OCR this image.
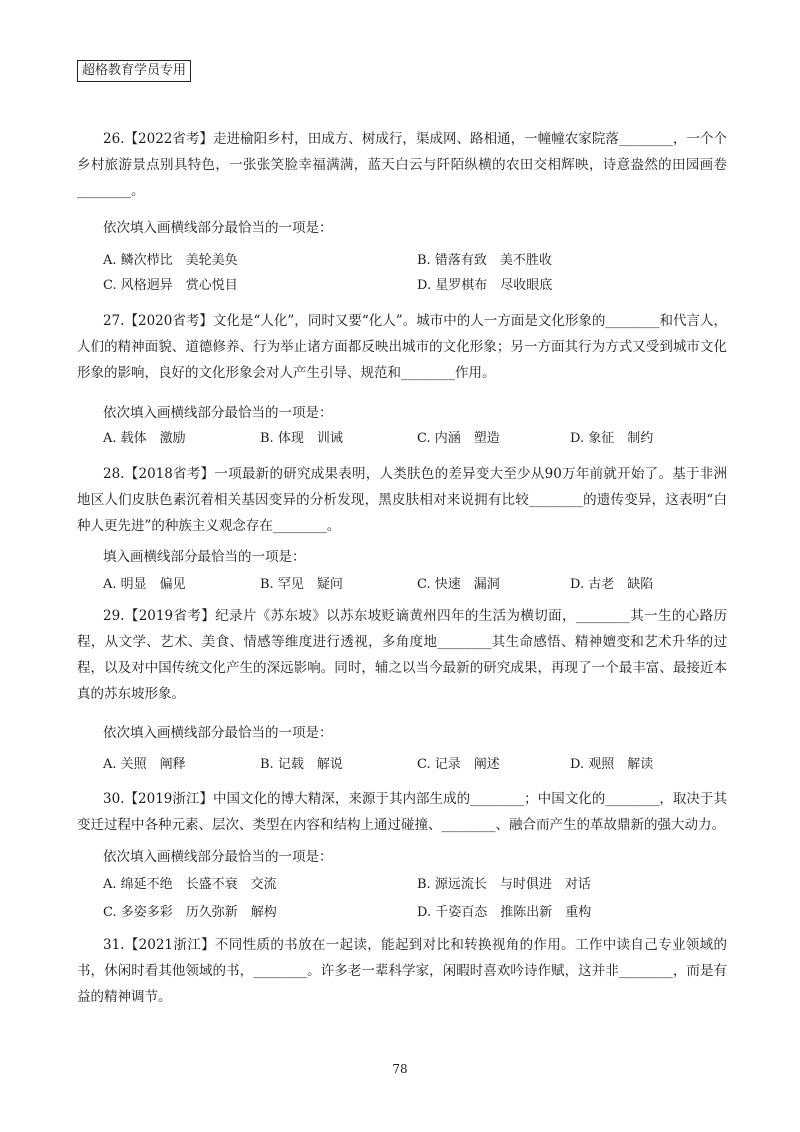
超格教育学员专用
26.【2022省考】走进榆阳乡村，田成方、树成行，渠成网、路相通，一幢幢农家院落________，一个个乡村旅游景点别具特色，一张张笑脸幸福满满，蓝天白云与阡陌纵横的农田交相辉映，诗意盎然的田园画卷________。
依次填入画横线部分最恰当的一项是：
A. 鳞次栉比　美轮美奂	B. 错落有致　美不胜收
C. 风格迥异　赏心悦目	D. 星罗棋布　尽收眼底
27.【2020省考】文化是“人化”，同时又要“化人”。城市中的人一方面是文化形象的________和代言人，人们的精神面貌、道德修养、行为举止诸方面都反映出城市的文化形象；另一方面其行为方式又受到城市文化形象的影响，良好的文化形象会对人产生引导、规范和________作用。
依次填入画横线部分最恰当的一项是：
A. 载体　激励	B. 体现　训诫	C. 内涵　塑造	D. 象征　制约
28.【2018省考】一项最新的研究成果表明，人类肤色的差异变大至少从90万年前就开始了。基于非洲地区人们皮肤色素沉着相关基因变异的分析发现，黑皮肤相对来说拥有比较________的遗传变异，这表明“白种人更先进”的种族主义观念存在________。
填入画横线部分最恰当的一项是：
A. 明显　偏见	B. 罕见　疑问	C. 快速　漏洞	D. 古老　缺陷
29.【2019省考】纪录片《苏东坡》以苏东坡贬谪黄州四年的生活为横切面，________其一生的心路历程，从文学、艺术、美食、情感等维度进行透视，多角度地________其生命感悟、精神嬗变和艺术升华的过程，以及对中国传统文化产生的深远影响。同时，辅之以当今最新的研究成果，再现了一个最丰富、最接近本真的苏东坡形象。
依次填入画横线部分最恰当的一项是：
A. 关照　阐释	B. 记载　解说	C. 记录　阐述	D. 观照　解读
30.【2019浙江】中国文化的博大精深，来源于其内部生成的________；中国文化的________，取决于其变迁过程中各种元素、层次、类型在内容和结构上通过碰撞、________、融合而产生的革故鼎新的强大动力。
依次填入画横线部分最恰当的一项是：
A. 绵延不绝　长盛不衰　交流	B. 源远流长　与时俱进　对话
C. 多姿多彩　历久弥新　解构	D. 千姿百态　推陈出新　重构
31.【2021浙江】不同性质的书放在一起读，能起到对比和转换视角的作用。工作中读自己专业领域的书，休闲时看其他领域的书，________。许多老一辈科学家，闲暇时喜欢吟诗作赋，这并非________，而是有益的精神调节。
78
